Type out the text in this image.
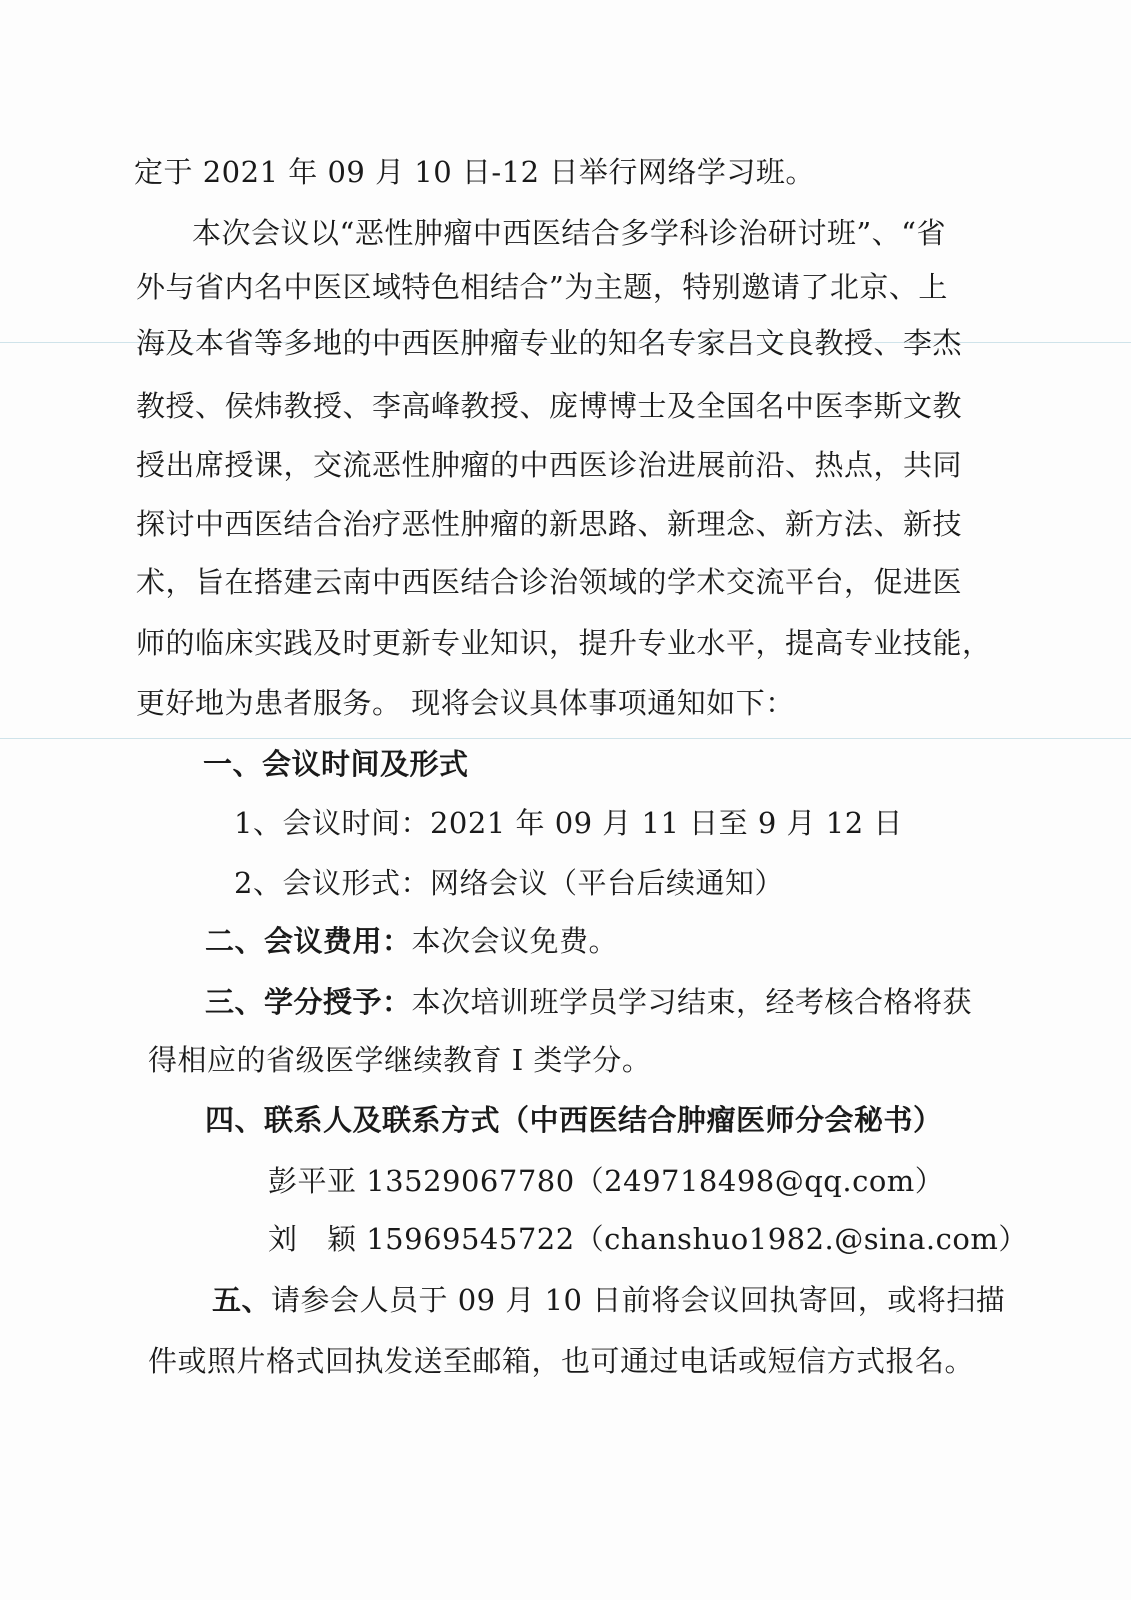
定于 2021 年 09 月 10 日-12 日举行网络学习班。
本次会议以“恶性肿瘤中西医结合多学科诊治研讨班”、“省
外与省内名中医区域特色相结合”为主题，特别邀请了北京、上
海及本省等多地的中西医肿瘤专业的知名专家吕文良教授、李杰
教授、侯炜教授、李高峰教授、庞博博士及全国名中医李斯文教
授出席授课，交流恶性肿瘤的中西医诊治进展前沿、热点，共同
探讨中西医结合治疗恶性肿瘤的新思路、新理念、新方法、新技
术，旨在搭建云南中西医结合诊治领域的学术交流平台，促进医
师的临床实践及时更新专业知识，提升专业水平，提高专业技能，
更好地为患者服务。 现将会议具体事项通知如下：
一、会议时间及形式
1、会议时间：2021 年 09 月 11 日至 9 月 12 日
2、会议形式：网络会议（平台后续通知）
二、会议费用：本次会议免费。
三、学分授予：本次培训班学员学习结束，经考核合格将获
得相应的省级医学继续教育 I 类学分。
四、联系人及联系方式（中西医结合肿瘤医师分会秘书）
彭平亚 13529067780（249718498@qq.com）
刘　颖 15969545722（chanshuo1982.@sina.com）
五、请参会人员于 09 月 10 日前将会议回执寄回，或将扫描
件或照片格式回执发送至邮箱，也可通过电话或短信方式报名。
